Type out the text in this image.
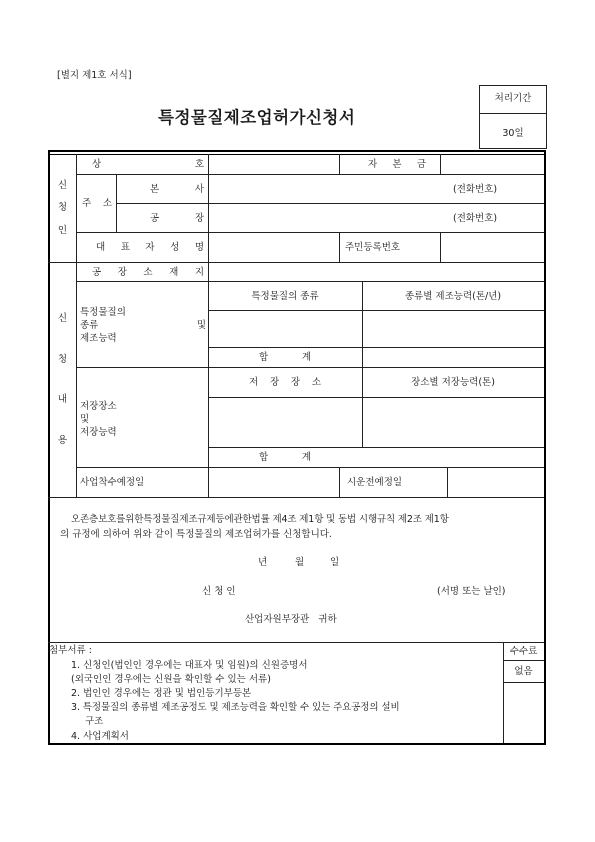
[별지 제1호 서식]
특정물질제조업허가신청서
처리기간
30일
신
청
인
상	호	자 본 금
주 소
본	사	(전화번호)
공	장	(전화번호)
대 표 자 성 명	주민등록번호
신
청
내
용
공 장 소 재 지
특정물질의
종류	및
제조능력
특정물질의 종류	종류별 제조능력(톤/년)
합	계
저장장소
및
저장능력
저 장 장 소	장소별 저장능력(톤)
합	계
사업착수예정일	시운전예정일
오존층보호를위한특정물질제조규제등에관한법률 제4조 제1항 및 동법 시행규칙 제2조 제1항
의 규정에 의하여 위와 같이 특정물질의 제조업허가를 신청합니다.
년	월	일
신 청 인	(서명 또는 날인)
산업자원부장관 귀하
첨부서류 :
1. 신청인(법인인 경우에는 대표자 및 임원)의 신원증명서
(외국인인 경우에는 신원을 확인할 수 있는 서류)
2. 법인인 경우에는 정관 및 법인등기부등본
3. 특정물질의 종류별 제조공정도 및 제조능력을 확인할 수 있는 주요공정의 설비
구조
4. 사업계획서
수수료
없음
